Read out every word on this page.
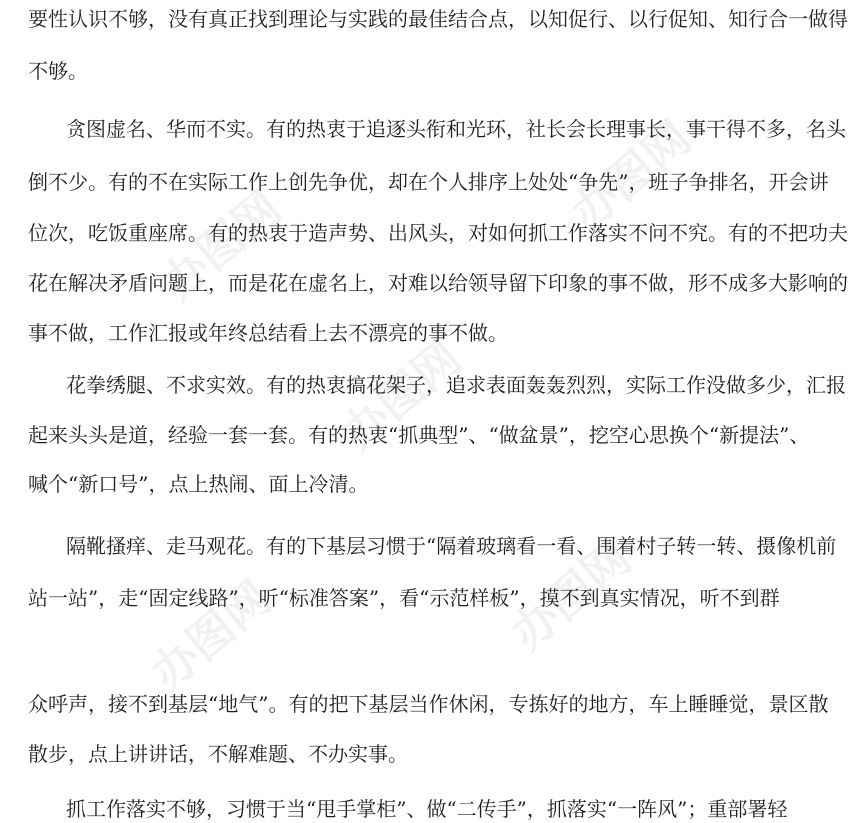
办图网
办图网
办图网
办图网
办图网

要性认识不够，没有真正找到理论与实践的最佳结合点，以知促行、以行促知、知行合一做得

不够。

贪图虚名、华而不实。有的热衷于追逐头衔和光环，社长会长理事长，事干得不多，名头

倒不少。有的不在实际工作上创先争优，却在个人排序上处处“争先”，班子争排名，开会讲

位次，吃饭重座席。有的热衷于造声势、出风头，对如何抓工作落实不问不究。有的不把功夫

花在解决矛盾问题上，而是花在虚名上，对难以给领导留下印象的事不做，形不成多大影响的

事不做，工作汇报或年终总结看上去不漂亮的事不做。

花拳绣腿、不求实效。有的热衷搞花架子，追求表面轰轰烈烈，实际工作没做多少，汇报

起来头头是道，经验一套一套。有的热衷“抓典型”、“做盆景”，挖空心思换个“新提法”、

喊个“新口号”，点上热闹、面上冷清。

隔靴搔痒、走马观花。有的下基层习惯于“隔着玻璃看一看、围着村子转一转、摄像机前

站一站”，走“固定线路”，听“标准答案”，看“示范样板”，摸不到真实情况，听不到群

众呼声，接不到基层“地气”。有的把下基层当作休闲，专拣好的地方，车上睡睡觉，景区散

散步，点上讲讲话，不解难题、不办实事。

抓工作落实不够，习惯于当“甩手掌柜”、做“二传手”，抓落实“一阵风”；重部署轻
